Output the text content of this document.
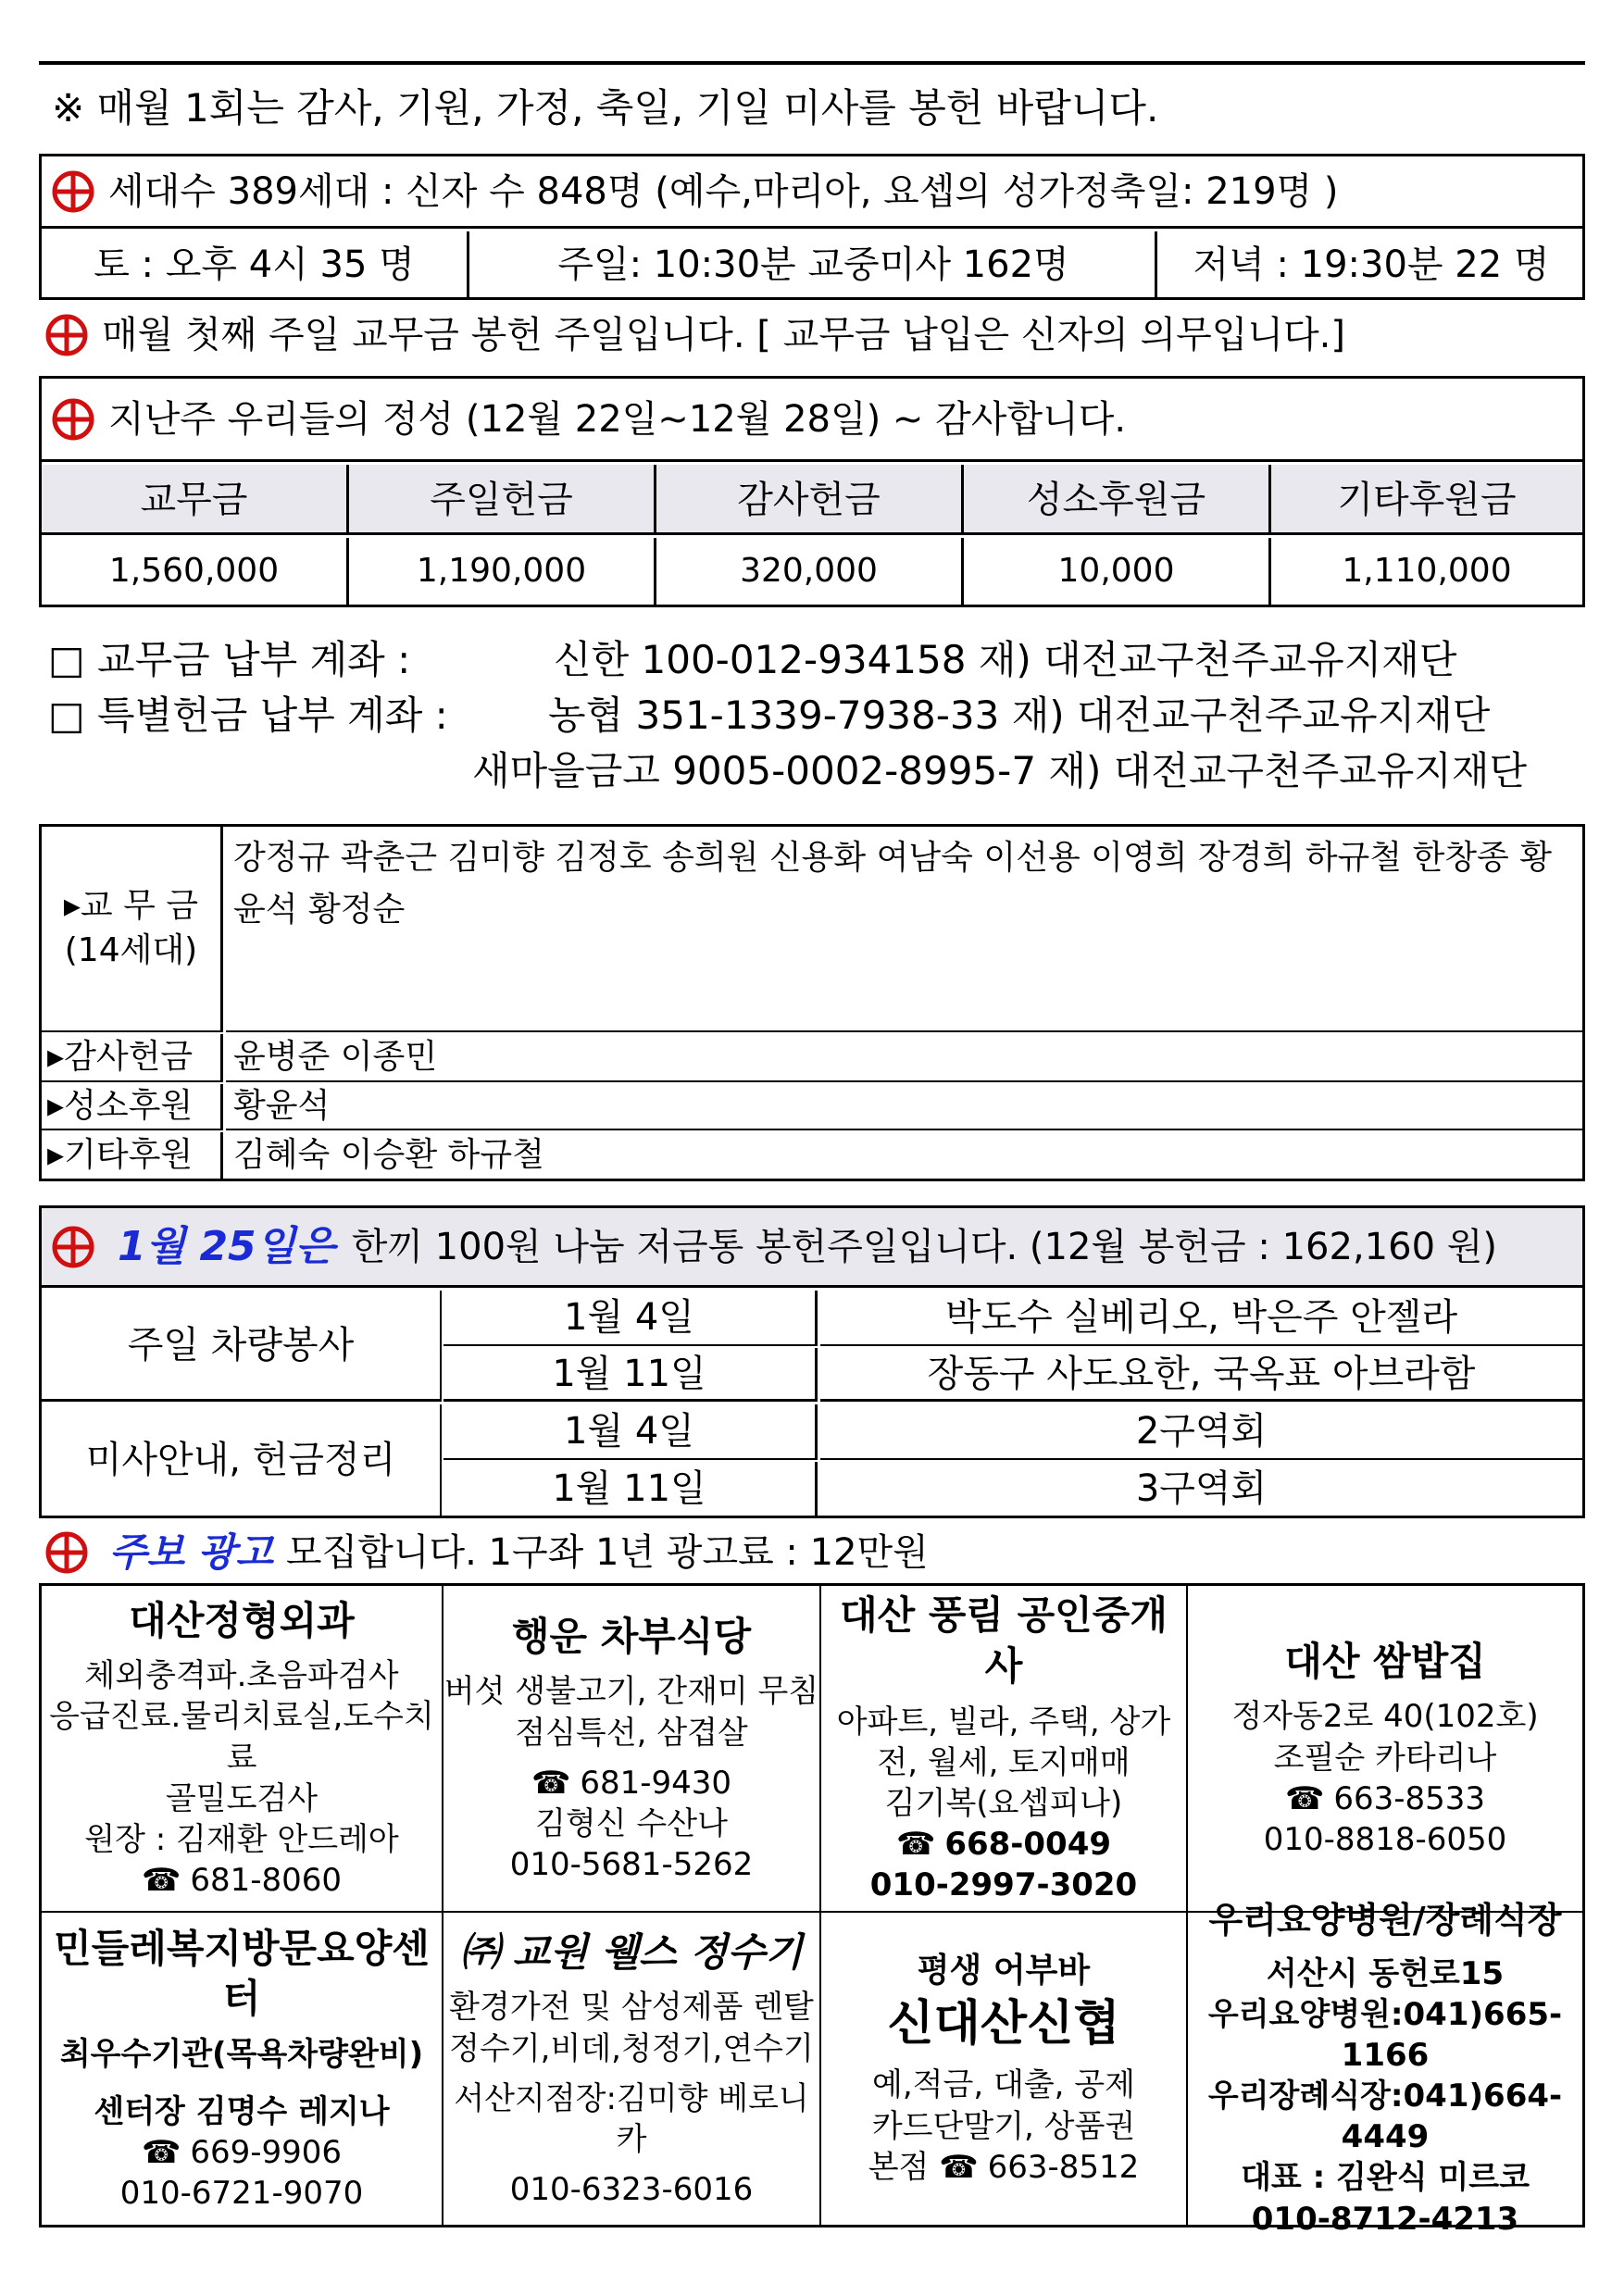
※ 매월 1회는 감사, 기원, 가정, 축일, 기일 미사를 봉헌 바랍니다.
세대수 389세대 : 신자 수 848명 (예수,마리아, 요셉의 성가정축일: 219명 )
토 : 오후 4시 35 명	주일: 10:30분 교중미사 162명	저녁 : 19:30분 22 명
매월 첫째 주일 교무금 봉헌 주일입니다. [ 교무금 납입은 신자의 의무입니다.]
지난주 우리들의 정성 (12월 22일~12월 28일) ~ 감사합니다.
교무금	주일헌금	감사헌금	성소후원금	기타후원금
1,560,000	1,190,000	320,000	10,000	1,110,000
□ 교무금 납부 계좌 :	신한 100-012-934158 재) 대전교구천주교유지재단
□ 특별헌금 납부 계좌 :	농협 351-1339-7938-33 재) 대전교구천주교유지재단
새마을금고 9005-0002-8995-7 재) 대전교구천주교유지재단
▸교 무 금
(14세대)
강정규 곽춘근 김미향 김정호 송희원 신용화 여남숙 이선용 이영희 장경희 하규철 한창종 황윤석 황정순
▸감사헌금 윤병준 이종민
▸성소후원 황윤석
▸기타후원 김혜숙 이승환 하규철
1월 25일은 한끼 100원 나눔 저금통 봉헌주일입니다. (12월 봉헌금 : 162,160 원)
주일 차량봉사
1월 4일	박도수 실베리오, 박은주 안젤라
1월 11일	장동구 사도요한, 국옥표 아브라함
미사안내, 헌금정리
1월 4일	2구역회
1월 11일	3구역회
주보 광고 모집합니다. 1구좌 1년 광고료 : 12만원
대산정형외과
체외충격파.초음파검사
응급진료.물리치료실,도수치료
골밀도검사
원장 : 김재환 안드레아
☎ 681-8060
행운 차부식당
버섯 생불고기, 간재미 무침
점심특선, 삼겹살
☎ 681-9430
김형신 수산나
010-5681-5262
대산 풍림 공인중개사
아파트, 빌라, 주택, 상가
전, 월세, 토지매매
김기복(요셉피나)
☎ 668-0049
010-2997-3020
대산 쌈밥집
정자동2로 40(102호)
조필순 카타리나
☎ 663-8533
010-8818-6050
민들레복지방문요양센터
최우수기관(목욕차량완비)
센터장 김명수 레지나
☎ 669-9906
010-6721-9070
㈜ 교원 웰스 정수기
환경가전 및 삼성제품 렌탈
정수기,비데,청정기,연수기
서산지점장:김미향 베로니카
010-6323-6016
평생 어부바
신대산신협
예,적금, 대출, 공제
카드단말기, 상품권
본점 ☎ 663-8512
우리요양병원/장례식장
서산시 동헌로15
우리요양병원:041)665-1166
우리장례식장:041)664-4449
대표 : 김완식 미르코
010-8712-4213
